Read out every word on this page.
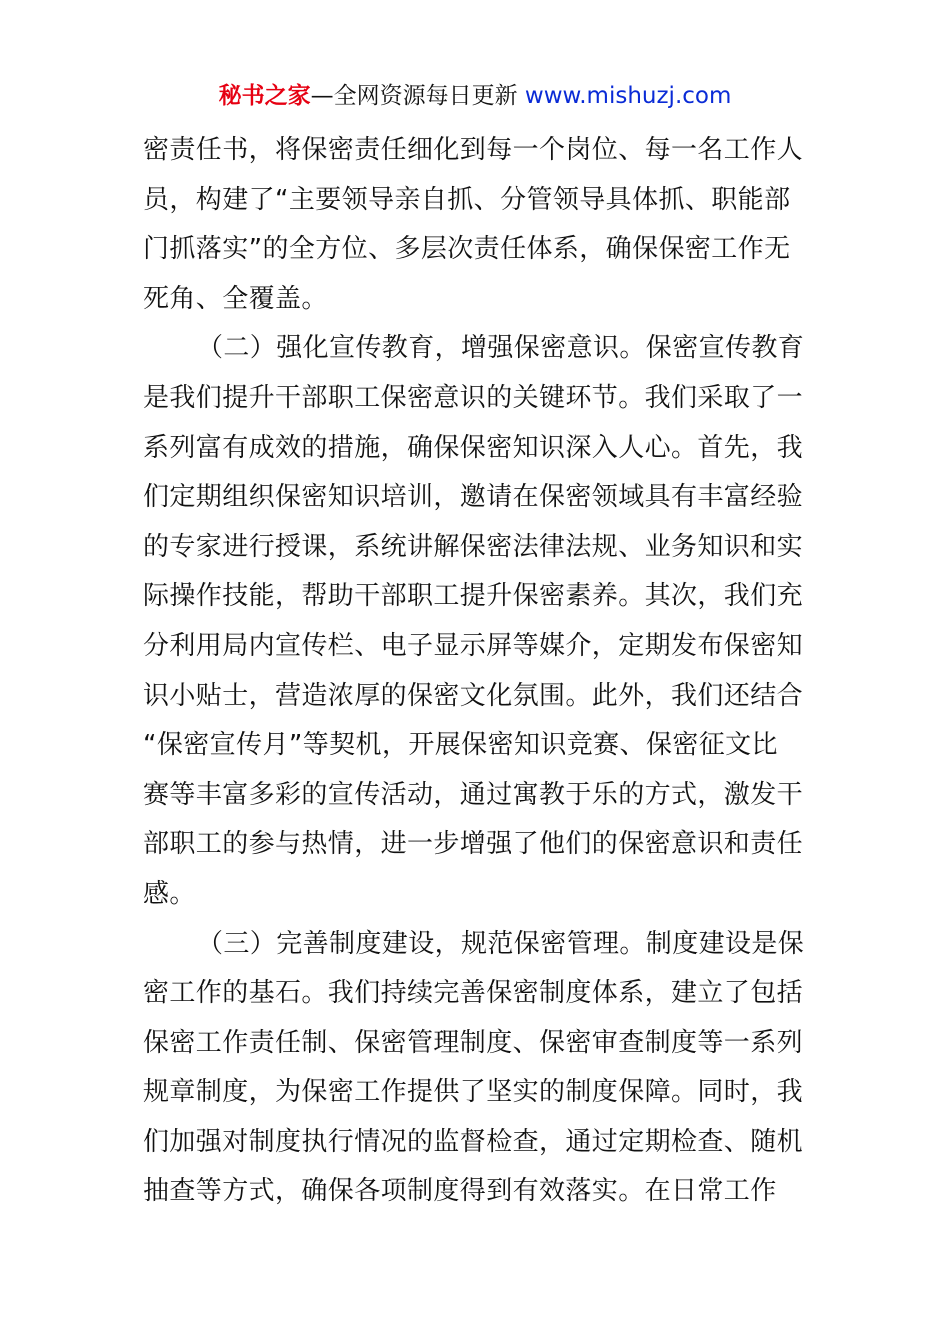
秘书之家—全网资源每日更新 www.mishuzj.com
密责任书，将保密责任细化到每一个岗位、每一名工作人
员，构建了“主要领导亲自抓、分管领导具体抓、职能部
门抓落实”的全方位、多层次责任体系，确保保密工作无
死角、全覆盖。
（二）强化宣传教育，增强保密意识。保密宣传教育
是我们提升干部职工保密意识的关键环节。我们采取了一
系列富有成效的措施，确保保密知识深入人心。首先，我
们定期组织保密知识培训，邀请在保密领域具有丰富经验
的专家进行授课，系统讲解保密法律法规、业务知识和实
际操作技能，帮助干部职工提升保密素养。其次，我们充
分利用局内宣传栏、电子显示屏等媒介，定期发布保密知
识小贴士，营造浓厚的保密文化氛围。此外，我们还结合
“保密宣传月”等契机，开展保密知识竞赛、保密征文比
赛等丰富多彩的宣传活动，通过寓教于乐的方式，激发干
部职工的参与热情，进一步增强了他们的保密意识和责任
感。
（三）完善制度建设，规范保密管理。制度建设是保
密工作的基石。我们持续完善保密制度体系，建立了包括
保密工作责任制、保密管理制度、保密审查制度等一系列
规章制度，为保密工作提供了坚实的制度保障。同时，我
们加强对制度执行情况的监督检查，通过定期检查、随机
抽查等方式，确保各项制度得到有效落实。在日常工作
